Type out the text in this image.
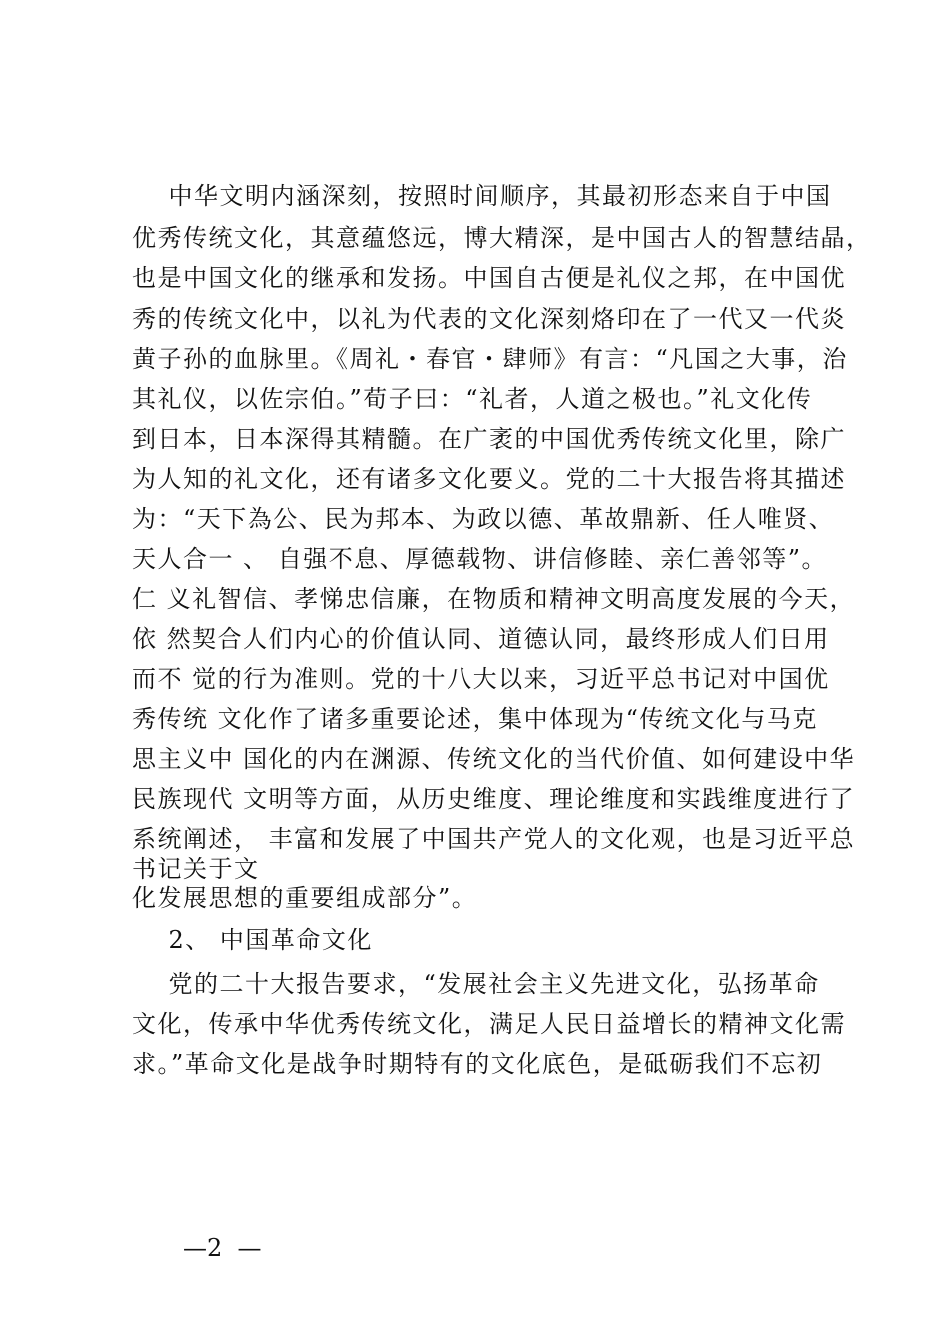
中华文明内涵深刻，按照时间顺序，其最初形态来自于中国
优秀传统文化，其意蕴悠远，博大精深，是中国古人的智慧结晶，
也是中国文化的继承和发扬。中国自古便是礼仪之邦，在中国优
秀的传统文化中，以礼为代表的文化深刻烙印在了一代又一代炎
黄子孙的血脉里。《周礼・春官・肆师》有言：“凡国之大事，治
其礼仪，以佐宗伯。”荀子曰：“礼者，人道之极也。”礼文化传
到日本，日本深得其精髓。在广袤的中国优秀传统文化里，除广
为人知的礼文化，还有诸多文化要义。党的二十大报告将其描述
为：“天下為公、民为邦本、为政以德、革故鼎新、任人唯贤、
天人合一 、 自强不息、厚德载物、讲信修睦、亲仁善邻等”。
仁 义礼智信、孝悌忠信廉，在物质和精神文明高度发展的今天，
依 然契合人们内心的价值认同、道德认同，最终形成人们日用
而不 觉的行为准则。党的十八大以来，习近平总书记对中国优
秀传统 文化作了诸多重要论述，集中体现为“传统文化与马克
思主义中 国化的内在渊源、传统文化的当代价值、如何建设中华
民族现代 文明等方面，从历史维度、理论维度和实践维度进行了
系统阐述， 丰富和发展了中国共产党人的文化观，也是习近平总
书记关于文
化发展思想的重要组成部分”。
2、 中国革命文化
党的二十大报告要求，“发展社会主义先进文化，弘扬革命
文化，传承中华优秀传统文化，满足人民日益增长的精神文化需
求。”革命文化是战争时期特有的文化底色，是砥砺我们不忘初
—2  —
